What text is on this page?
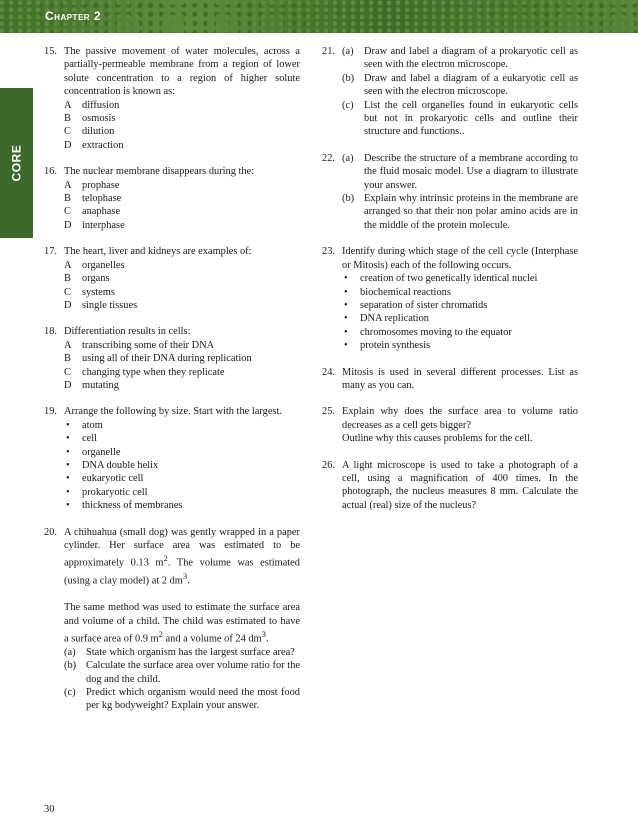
Chapter 2
CORE
15. The passive movement of water molecules, across a partially-permeable membrane from a region of lower solute concentration to a region of higher solute concentration is known as:
A	diffusion
B	osmosis
C	dilution
D	extraction
16. The nuclear membrane disappears during the:
A	prophase
B	telophase
C	anaphase
D	interphase
17. The heart, liver and kidneys are examples of:
A	organelles
B	organs
C	systems
D	single tissues
18. Differentiation results in cells:
A	transcribing some of their DNA
B	using all of their DNA during replication
C	changing type when they replicate
D	mutating
19. Arrange the following by size. Start with the largest.
• atom
• cell
• organelle
• DNA double helix
• eukaryotic cell
• prokaryotic cell
• thickness of membranes
20. A chihuahua (small dog) was gently wrapped in a paper cylinder. Her surface area was estimated to be approximately 0.13 $m^2$. The volume was estimated (using a clay model) at 2 $dm^3$.
The same method was used to estimate the surface area and volume of a child. The child was estimated to have a surface area of 0.9 $m^2$ and a volume of 24 $dm^3$.
(a)	State which organism has the largest surface area?
(b) Calculate the surface area over volume ratio for the dog and the child.
(c)	Predict which organism would need the most food per kg bodyweight? Explain your answer.
21. (a)	Draw and label a diagram of a prokaryotic cell as seen with the electron microscope.
(b) Draw and label a diagram of a eukaryotic cell as seen with the electron microscope.
(c)	List the cell organelles found in eukaryotic cells but not in prokaryotic cells and outline their structure and functions..
22. (a)	Describe the structure of a membrane according to the fluid mosaic model. Use a diagram to illustrate your answer.
(b) Explain why intrinsic proteins in the membrane are arranged so that their non polar amino acids are in the middle of the protein molecule.
23. Identify during which stage of the cell cycle (Interphase or Mitosis) each of the following occurs.
• creation of two genetically identical nuclei
• biochemical reactions
• separation of sister chromatids
• DNA replication
• chromosomes moving to the equator
• protein synthesis
24. Mitosis is used in several different processes. List as many as you can.
25. Explain why does the surface area to volume ratio decreases as a cell gets bigger?
Outline why this causes problems for the cell.
26. A light microscope is used to take a photograph of a cell, using a magnification of 400 times. In the photograph, the nucleus measures 8 mm. Calculate the actual (real) size of the nucleus?
30
